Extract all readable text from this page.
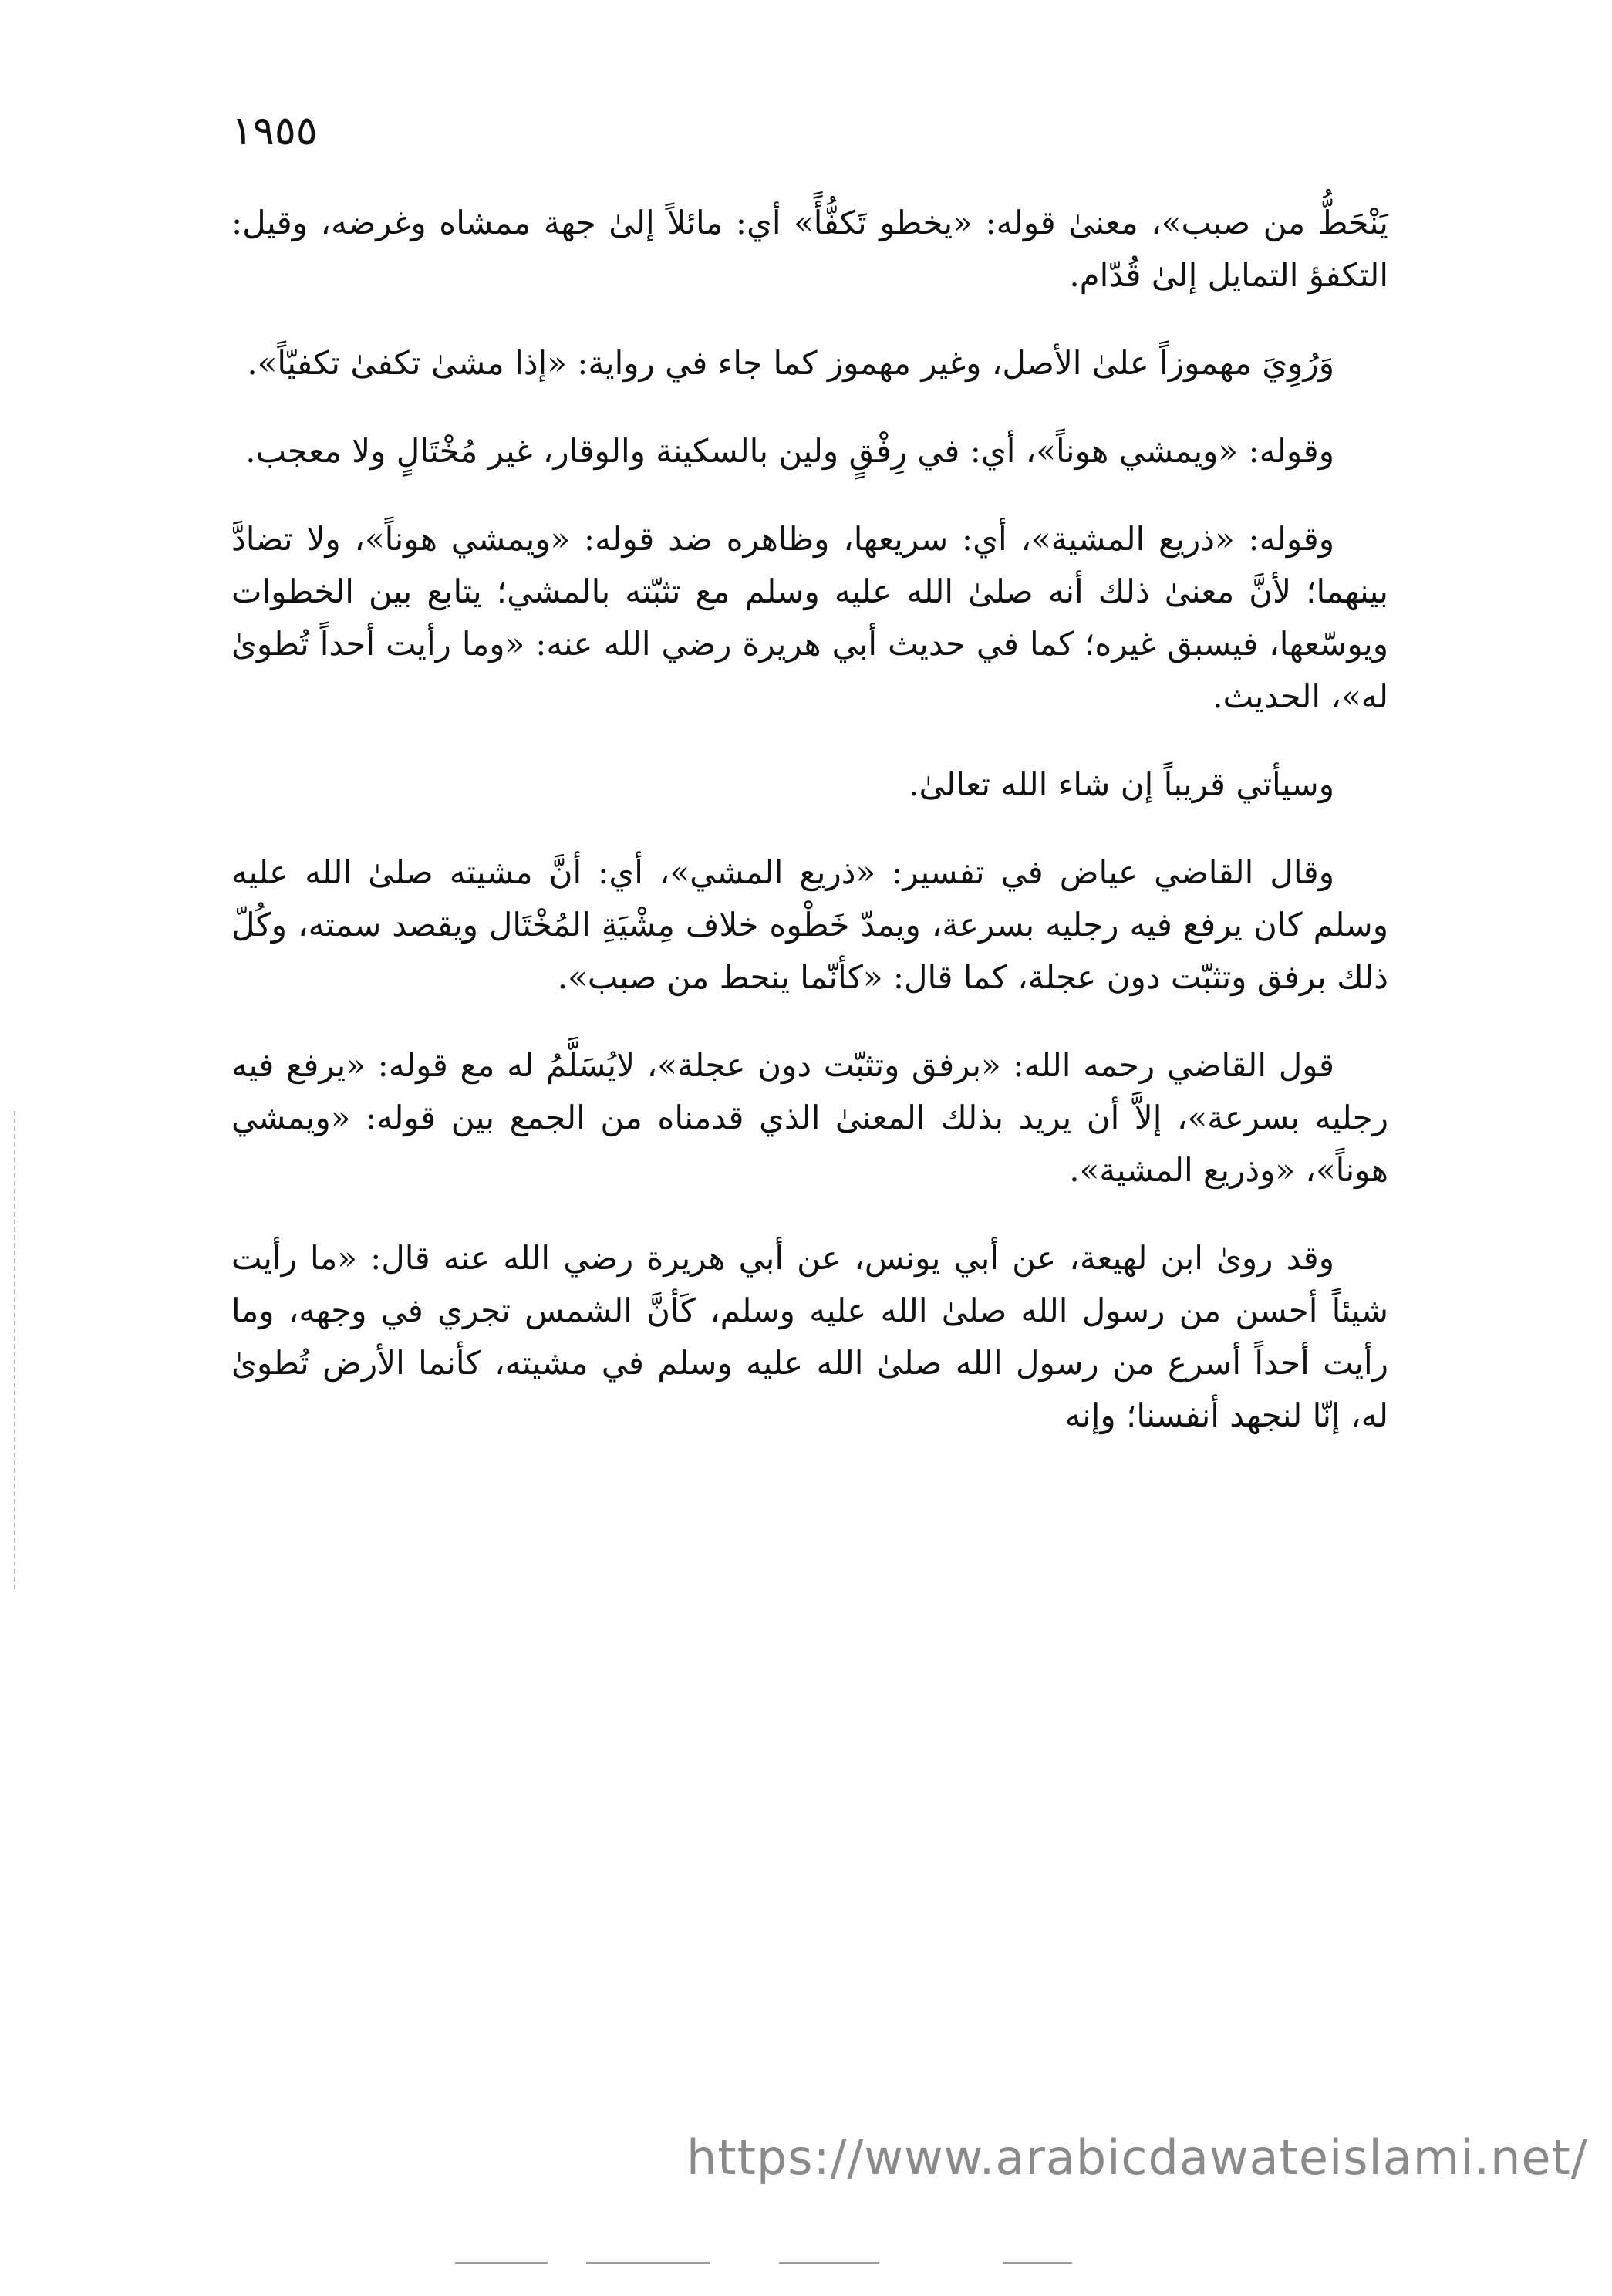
١٩٥٥

يَنْحَطُّ من صبب»، معنىٰ قوله: «يخطو تَكفُّأً» أي: مائلاً إلىٰ جهة ممشاه وغرضه، وقيل: التكفؤ التمايل إلىٰ قُدّام.

وَرُوِيَ مهموزاً علىٰ الأصل، وغير مهموز كما جاء في رواية: «إذا مشىٰ تكفىٰ تكفيّاً».

وقوله: «ويمشي هوناً»، أي: في رِفْقٍ ولين بالسكينة والوقار، غير مُخْتَالٍ ولا معجب.

وقوله: «ذريع المشية»، أي: سريعها، وظاهره ضد قوله: «ويمشي هوناً»، ولا تضادَّ بينهما؛ لأنَّ معنىٰ ذلك أنه صلىٰ الله عليه وسلم مع تثبّته بالمشي؛ يتابع بين الخطوات ويوسّعها، فيسبق غيره؛ كما في حديث أبي هريرة رضي الله عنه: «وما رأيت أحداً تُطوىٰ له»، الحديث.

وسيأتي قريباً إن شاء الله تعالىٰ.

وقال القاضي عياض في تفسير: «ذريع المشي»، أي: أنَّ مشيته صلىٰ الله عليه وسلم كان يرفع فيه رجليه بسرعة، ويمدّ خَطْوه خلاف مِشْيَةِ المُخْتَال ويقصد سمته، وكُلّ ذلك برفق وتثبّت دون عجلة، كما قال: «كأنّما ينحط من صبب».

قول القاضي رحمه الله: «برفق وتثبّت دون عجلة»، لايُسَلَّمُ له مع قوله: «يرفع فيه رجليه بسرعة»، إلاَّ أن يريد بذلك المعنىٰ الذي قدمناه من الجمع بين قوله: «ويمشي هوناً»، «وذريع المشية».

وقد روىٰ ابن لهيعة، عن أبي يونس، عن أبي هريرة رضي الله عنه قال: «ما رأيت شيئاً أحسن من رسول الله صلىٰ الله عليه وسلم، كَأنَّ الشمس تجري في وجهه، وما رأيت أحداً أسرع من رسول الله صلىٰ الله عليه وسلم في مشيته، كأنما الأرض تُطوىٰ له، إنّا لنجهد أنفسنا؛ وإنه

https://www.arabicdawateislami.net/
